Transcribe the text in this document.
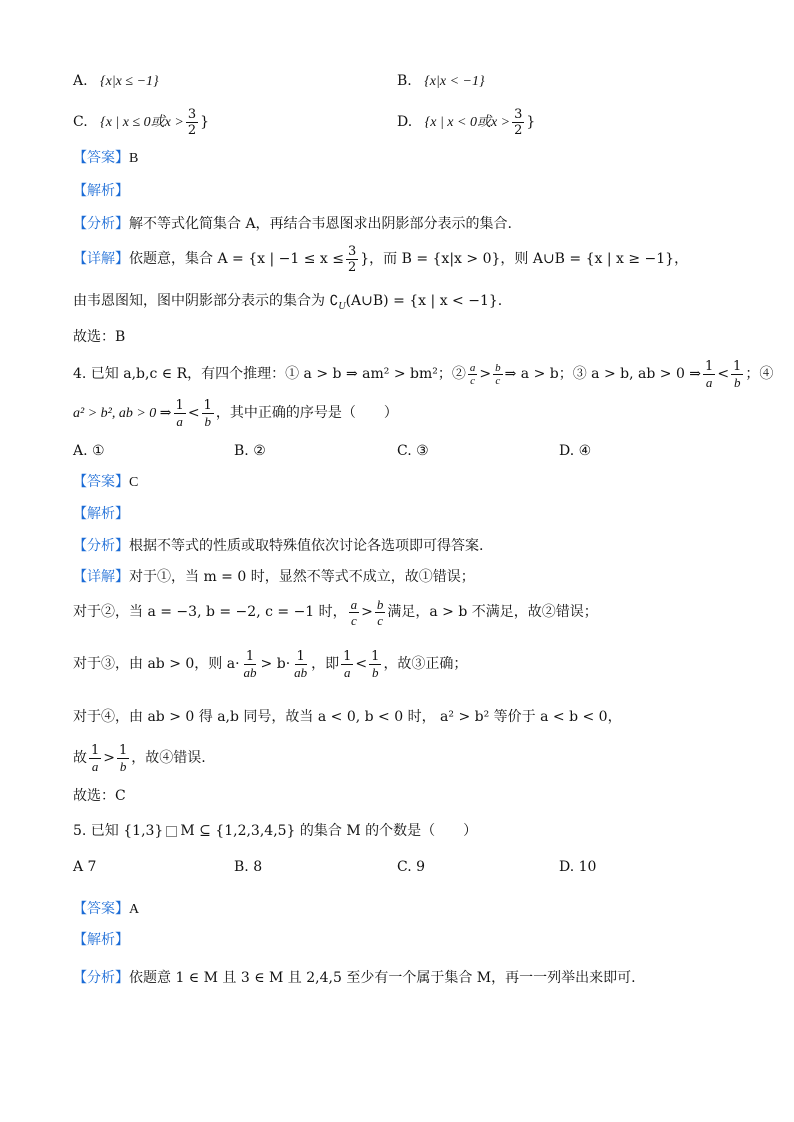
A. {x|x ≤ −1}	B. {x|x < −1}
C. {x | x ≤ 0或$x > \frac{3}{2}$ }	D. {x | x < 0或$x > \frac{3}{2}$ }
【答案】B
【解析】
【分析】解不等式化简集合 A，再结合韦恩图求出阴影部分表示的集合.
【详解】依题意，集合 A = {x | $-1 \le x \le \frac{3}{2}$ }，而 B = {x|x > 0}，则 A∪B = {x | x ≥ −1}，
由韦恩图知，图中阴影部分表示的集合为 $∁_U(A\cup B) = \{x$ | x < −1}.
故选：B
4. 已知 a,b,c ∈ R，有四个推理：① a > b ⇒ am² > bm²；② $\frac{a}{c} > \frac{b}{c}$ ⇒ a > b；③ a > b, ab > 0 ⇒ $\frac{1}{a} < \frac{1}{b}$ ；④
a² > b², ab > 0 ⇒ $\frac{1}{a} < \frac{1}{b}$ ，其中正确的序号是（　　）
A. ①	B. ②	C. ③	D. ④
【答案】C
【解析】
【分析】根据不等式的性质或取特殊值依次讨论各选项即可得答案.
【详解】对于①，当 m = 0 时，显然不等式不成立，故①错误；
对于②，当 a = −3, b = −2, c = −1 时， $\frac{a}{c} > \frac{b}{c}$ 满足，a > b 不满足，故②错误；
对于③，由 ab > 0，则 $a\cdot \frac{1}{ab} > b\cdot \frac{1}{ab}$ ，即 $\frac{1}{a} < \frac{1}{b}$ ，故③正确；
对于④，由 ab > 0 得 a,b 同号，故当 a < 0, b < 0 时， a² > b² 等价于 a < b < 0，
故 $\frac{1}{a} > \frac{1}{b}$ ，故④错误.
故选：C
5. 已知 {1,3} M ⊆ {1,2,3,4,5} 的集合 M 的个数是（　　）
A 7	B. 8	C. 9	D. 10
【答案】A
【解析】
【分析】依题意 1 ∈ M 且 3 ∈ M 且 2,4,5 至少有一个属于集合 M，再一一列举出来即可.
